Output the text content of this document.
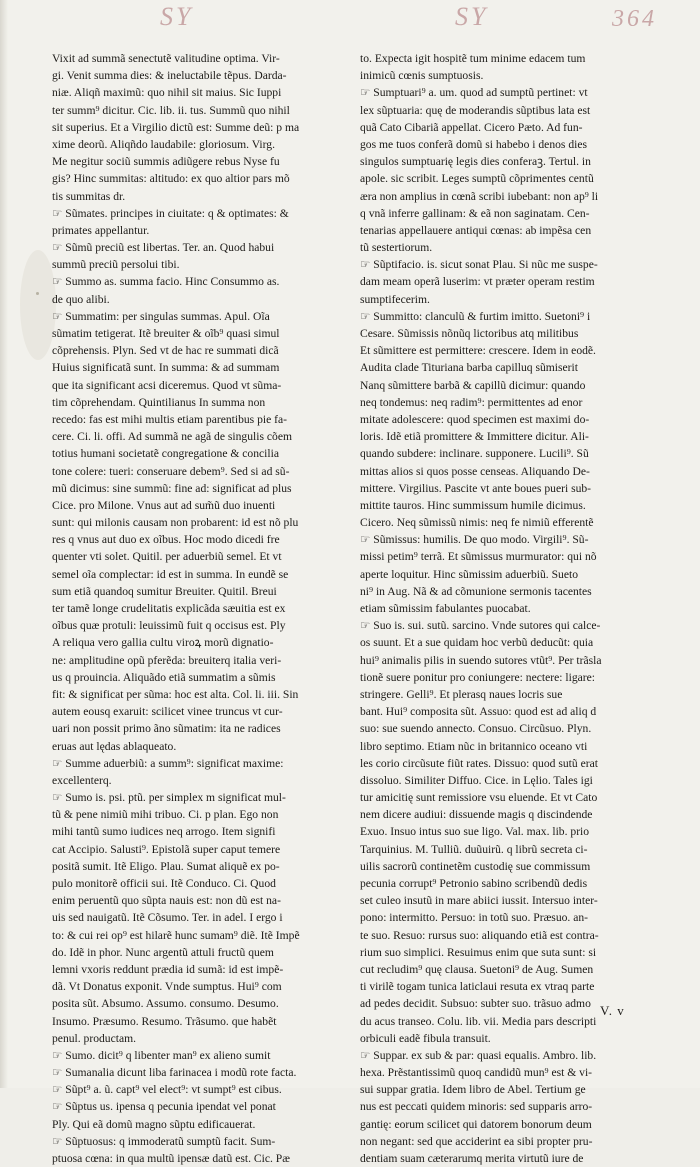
SY	SY	364
Vixit ad summã senectutẽ valitudine optima. Vir-
gi. Venit summa dies: & ineluctabile tẽpus. Darda-
niæ. Aliqñ maximũ: quo nihil sit maius. Sic Iuppi
ter summ⁹ dicitur. Cic. lib. ii. tus. Summũ quo nihil
sit superius. Et a Virgilio dictũ est: Summe deũ: p ma
xime deorũ. Aliqñdo laudabile: gloriosum. Virg.
Me negitur sociũ summis adiũgere rebus Nyse fu
gis? Hinc summitas: altitudo: ex quo altior pars mõ
tis summitas dr.
☞ Sũmates. principes in ciuitate: q & optimates: &
primates appellantur.
☞ Sũmũ preciũ est libertas. Ter. an. Quod habui
summũ preciũ persolui tibi.
☞ Summo as. summa facio. Hinc Consummo as.
de quo alibi.
☞ Summatim: per singulas summas. Apul. Oĩa
sũmatim tetigerat. Itẽ breuiter & oĩb⁹ quasi simul
cõprehensis. Plyn. Sed vt de hac re summati dicã
Huius significatã sunt. In summa: & ad summam
que ita significant acsi diceremus. Quod vt sũma-
tim cõprehendam. Quintilianus In summa non
recedo: fas est mihi multis etiam parentibus pie fa-
cere. Ci. li. offi. Ad summã ne agã de singulis cõem
totius humani societatẽ congregatione & concilia
tone colere: tueri: conseruare debem⁹. Sed si ad sũ-
mũ dicimus: sine summũ: fine ad: significat ad plus
Cice. pro Milone. Vnus aut ad sum̃ũ duo inuenti
sunt: qui milonis causam non probarent: id est nõ plu
res q vnus aut duo ex oĩbus. Hoc modo dicedi fre
quenter vti solet. Quitil. per aduerbiũ semel. Et vt
semel oĩa complectar: id est in summa. In eundẽ se
sum etiã quandoq sumitur Breuiter. Quitil. Breui
ter tamẽ longe crudelitatis explicãda sæuitia est ex
oĩbus quæ protuli: leuissimũ fuit q occisus est. Ply
A reliqua vero gallia cultu viroꝝ morũ dignatio-
ne: amplitudine opũ pferẽda: breuiterq italia veri-
us q prouincia. Aliquãdo etiã summatim a sũmis
fit: & significat per sũma: hoc est alta. Col. li. iii. Sin
autem eousq exaruit: scilicet vinee truncus vt cur-
uari non possit primo ãno sũmatim: ita ne radices
eruas aut lędas ablaqueato.
☞ Summe aduerbiũ: a summ⁹: significat maxime:
excellenterq.
☞ Sumo is. psi. ptũ. per simplex m significat mul-
tũ & pene nimiũ mihi tribuo. Ci. p plan. Ego non
mihi tantũ sumo iudices neq arrogo. Item signifi
cat Accipio. Salusti⁹. Epistolã super caput temere
positã sumit. Itẽ Eligo. Plau. Sumat aliquẽ ex po-
pulo monitorẽ officii sui. Itẽ Conduco. Ci. Quod
enim peruentũ quo sũpta nauis est: non dũ est na-
uis sed nauigatũ. Itẽ Cõsumo. Ter. in adel. I ergo i
to: & cui rei op⁹ est hilarẽ hunc sumam⁹ diẽ. Itẽ Impẽ
do. Idẽ in phor. Nunc argentũ attuli fructũ quem
lemni vxoris reddunt prædia id sumã: id est impẽ-
dã. Vt Donatus exponit. Vnde sumptus. Hui⁹ com
posita sũt. Absumo. Assumo. consumo. Desumo.
Insumo. Præsumo. Resumo. Trãsumo. que habẽt
penul. productam.
☞ Sumo. dicit⁹ q libenter man⁹ ex alieno sumit
☞ Sumanalia dicunt liba farinacea i modũ rote facta.
☞ Sũpt⁹ a. ũ. capt⁹ vel elect⁹: vt sumpt⁹ est cibus.
☞ Sũptus us. ipensa q pecunia ipendat vel ponat
Ply. Qui eã domũ magno sũptu edificauerat.
☞ Sũptuosus: q immoderatũ sumptũ facit. Sum-
ptuosa cœna: in qua multũ ipensæ datũ est. Cic. Pæ
to. Expecta igit hospitẽ tum minime edacem tum
inimicũ cœnis sumptuosis.
☞ Sumptuari⁹ a. um. quod ad sumptũ pertinet: vt
lex sũptuaria: quę de moderandis sũptibus lata est
quã Cato Cibariã appellat. Cicero Pæto. Ad fun-
gos me tuos conferã domũ si habebo i denos dies
singulos sumptuarię legis dies conferaꝫ. Tertul. in
apole. sic scribit. Leges sumptũ cõprimentes centũ
æra non amplius in cœnã scribi iubebant: non ap⁹ li
q vnã inferre gallinam: & eã non saginatam. Cen-
tenarias appellauere antiqui cœnas: ab impẽsa cen
tũ sestertiorum.
☞ Sũptifacio. is. sicut sonat Plau. Si nũc me suspe-
dam meam operã luserim: vt præter operam restim
sumptifecerim.
☞ Summitto: clanculũ & furtim imitto. Suetoni⁹ i
Cesare. Sũmissis nõnũq lictoribus atq militibus
Et sũmittere est permittere: crescere. Idem in eodẽ.
Audita clade Tituriana barba capilluq sũmiserit
Nanq sũmittere barbã & capillũ dicimur: quando
neq tondemus: neq radim⁹: permittentes ad enor
mitate adolescere: quod specimen est maximi do-
loris. Idẽ etiã promittere & Immittere dicitur. Ali-
quando subdere: inclinare. supponere. Lucili⁹. Sũ
mittas alios si quos posse censeas. Aliquando De-
mittere. Virgilius. Pascite vt ante boues pueri sub-
mittite tauros. Hinc summissum humile dicimus.
Cicero. Neq sũmissũ nimis: neq fe nimiũ efferentẽ
☞ Sũmissus: humilis. De quo modo. Virgili⁹. Sũ-
missi petim⁹ terrã. Et sũmissus murmurator: qui nõ
aperte loquitur. Hinc sũmissim aduerbiũ. Sueto
ni⁹ in Aug. Nã & ad cõmunione sermonis tacentes
etiam sũmissim fabulantes puocabat.
☞ Suo is. sui. sutũ. sarcino. Vnde sutores qui calce-
os suunt. Et a sue quidam hoc verbũ deducũt: quia
hui⁹ animalis pilis in suendo sutores vtũt⁹. Per trãsla
tionẽ suere ponitur pro coniungere: nectere: ligare:
stringere. Gelli⁹. Et plerasq naues locris sue
bant. Hui⁹ composita sũt. Assuo: quod est ad aliq d
suo: sue suendo annecto. Consuo. Circũsuo. Plyn.
libro septimo. Etiam nũc in britannico oceano vti
les corio circũsute fiũt rates. Dissuo: quod sutũ erat
dissoluo. Similiter Diffuo. Cice. in Lęlio. Tales igi
tur amicitię sunt remissiore vsu eluende. Et vt Cato
nem dicere audiui: dissuende magis q discindende
Exuo. Insuo intus suo sue ligo. Val. max. lib. prio
Tarquinius. M. Tulliũ. duũuirũ. q librũ secreta ci-
uilis sacrorũ continetẽm custodię sue commissum
pecunia corrupt⁹ Petronio sabino scribendũ dedis
set culeo insutũ in mare abiici iussit. Intersuo inter-
pono: intermitto. Persuo: in totũ suo. Præsuo. an-
te suo. Resuo: rursus suo: aliquando etiã est contra-
rium suo simplici. Resuimus enim que suta sunt: si
cut recludim⁹ quę clausa. Suetoni⁹ de Aug. Sumen
ti virilẽ togam tunica laticlaui resuta ex vtraq parte
ad pedes decidit. Subsuo: subter suo. trãsuo admo
du acus transeo. Colu. lib. vii. Media pars descripti
orbiculi eadẽ fibula transuit.
☞ Suppar. ex sub & par: quasi equalis. Ambro. lib.
hexa. Prẽstantissimũ quoq candidũ mun⁹ est & vi-
sui suppar gratia. Idem libro de Abel. Tertium ge
nus est peccati quidem minoris: sed supparis arro-
gantię: eorum scilicet qui datorem bonorum deum
non negant: sed que acciderint ea sibi propter pru-
dentiam suam cæterarumq merita virtutũ iure de
V. v
